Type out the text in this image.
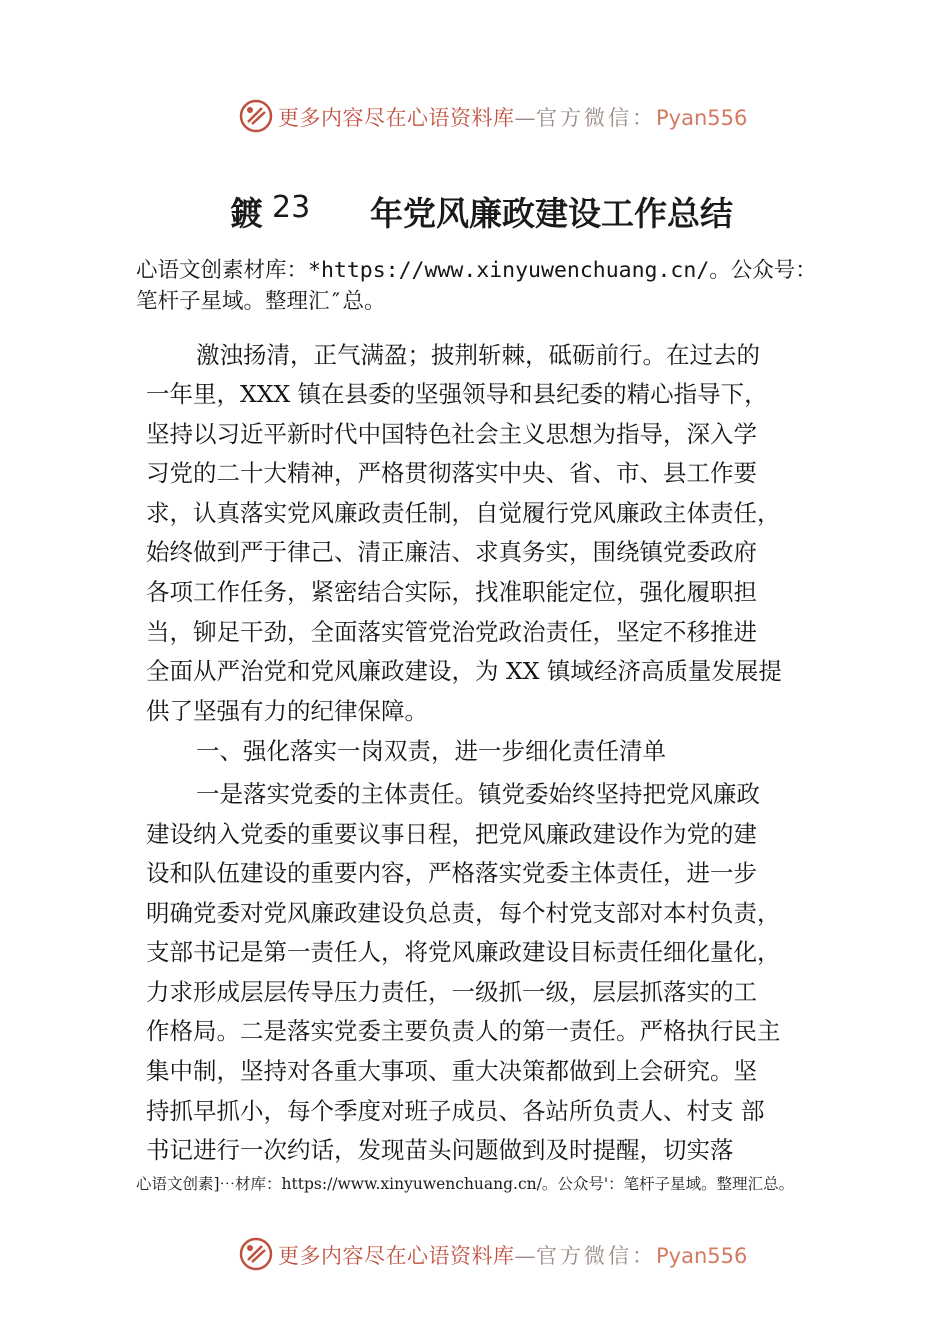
更多内容尽在心语资料库—官方微信：Pyan556
鍍 23 年党风廉政建设工作总结
心语文创素材库：*https://www.xinyuwenchuang.cn/。公众号：
笔杆子星域。整理汇″总。
激浊扬清，正气满盈；披荆斩棘，砥砺前行。在过去的
一年里，XXX 镇在县委的坚强领导和县纪委的精心指导下，
坚持以习近平新时代中国特色社会主义思想为指导，深入学
习党的二十大精神，严格贯彻落实中央、省、市、县工作要
求，认真落实党风廉政责任制，自觉履行党风廉政主体责任，
始终做到严于律己、清正廉洁、求真务实，围绕镇党委政府
各项工作任务，紧密结合实际，找准职能定位，强化履职担
当，铆足干劲，全面落实管党治党政治责任，坚定不移推进
全面从严治党和党风廉政建设，为 XX 镇域经济高质量发展提
供了坚强有力的纪律保障。
一、强化落实一岗双责，进一步细化责任清单
一是落实党委的主体责任。镇党委始终坚持把党风廉政
建设纳入党委的重要议事日程，把党风廉政建设作为党的建
设和队伍建设的重要内容，严格落实党委主体责任，进一步
明确党委对党风廉政建设负总责，每个村党支部对本村负责，
支部书记是第一责任人，将党风廉政建设目标责任细化量化，
力求形成层层传导压力责任，一级抓一级，层层抓落实的工
作格局。二是落实党委主要负责人的第一责任。严格执行民主
集中制，坚持对各重大事项、重大决策都做到上会研究。坚
持抓早抓小，每个季度对班子成员、各站所负责人、村支 部
书记进行一次约话，发现苗头问题做到及时提醒，切实落
心语文创素]⋯材库：https://www.xinyuwenchuang.cn/。公众号'：笔杆子星域。整理汇总。
更多内容尽在心语资料库—官方微信：Pyan556
